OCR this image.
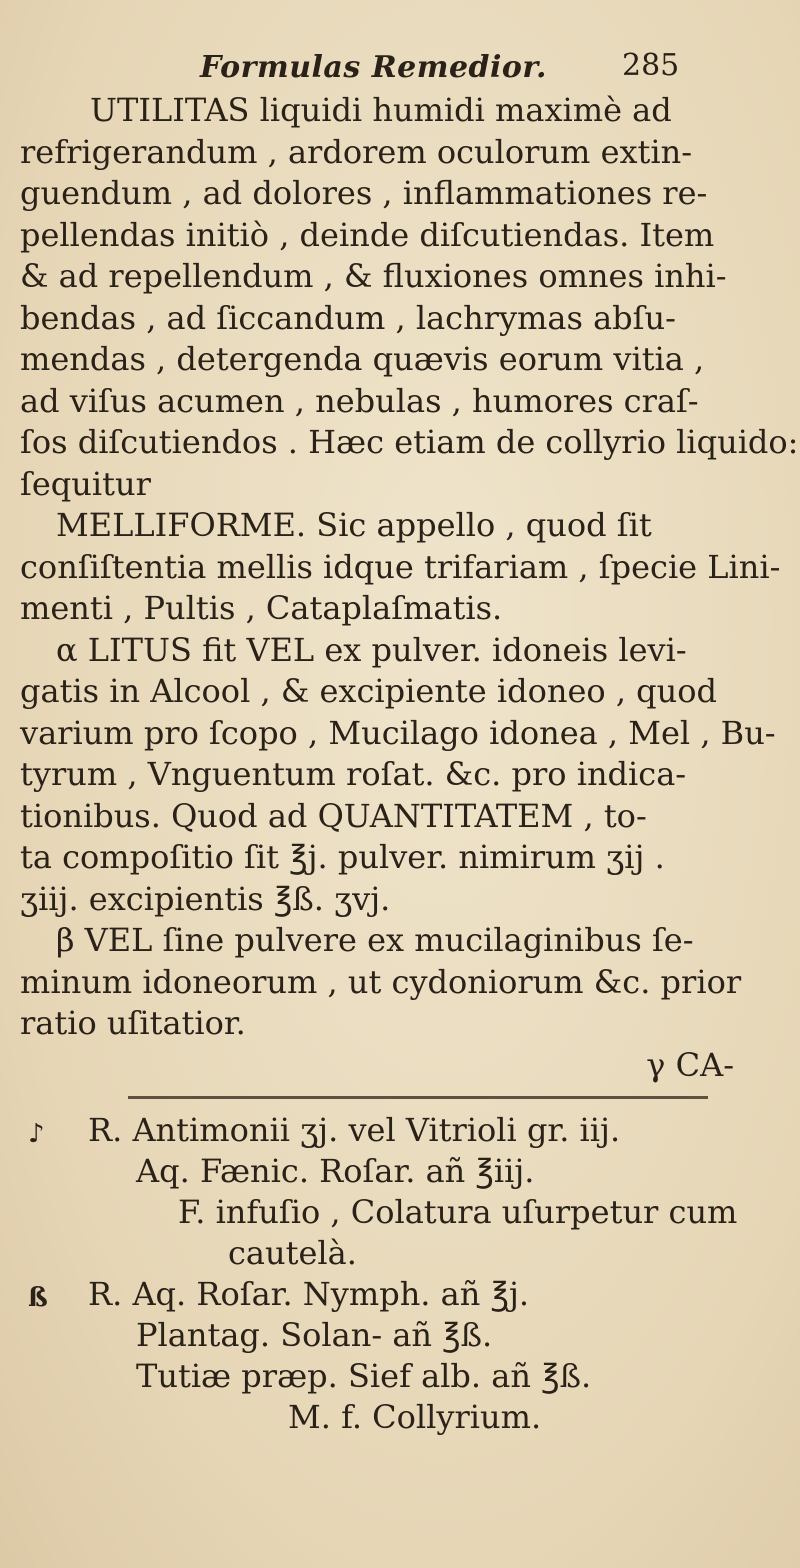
Formulas Remedior.	285
UTILITAS liquidi humidi maximè ad
refrigerandum , ardorem oculorum extin-
guendum , ad dolores , inflammationes re-
pellendas initiò , deinde diſcutiendas. Item
& ad repellendum , & fluxiones omnes inhi-
bendas , ad ſiccandum , lachrymas abſu-
mendas , detergenda quævis eorum vitia ,
ad viſus acumen , nebulas , humores craſ-
ſos diſcutiendos . Hæc etiam de collyrio liquido:
ſequitur
MELLIFORME. Sic appello , quod ſit
conſiſtentia mellis idque trifariam , ſpecie Lini-
menti , Pultis , Cataplaſmatis.
α LITUS fit VEL ex pulver. idoneis levi-
gatis in Alcool , & excipiente idoneo , quod
varium pro ſcopo , Mucilago idonea , Mel , Bu-
tyrum , Vnguentum roſat. &c. pro indica-
tionibus. Quod ad QUANTITATEM , to-
ta compoſitio ſit ℥j. pulver. nimirum ʒij .
ʒiij. excipientis ℥ß. ʒvj.
β VEL ſine pulvere ex mucilaginibus ſe-
minum idoneorum , ut cydoniorum &c. prior
ratio uſitatior.
γ CA-
♪	R. Antimonii ʒj. vel Vitrioli gr. iij.
Aq. Fænic. Roſar. añ ℥iij.
F. infuſio , Colatura uſurpetur cum
cautelà.
ß	R. Aq. Roſar. Nymph. añ ℥j.
Plantag. Solan- añ ℥ß.
Tutiæ præp. Sief alb. añ ℥ß.
M. f. Collyrium.
